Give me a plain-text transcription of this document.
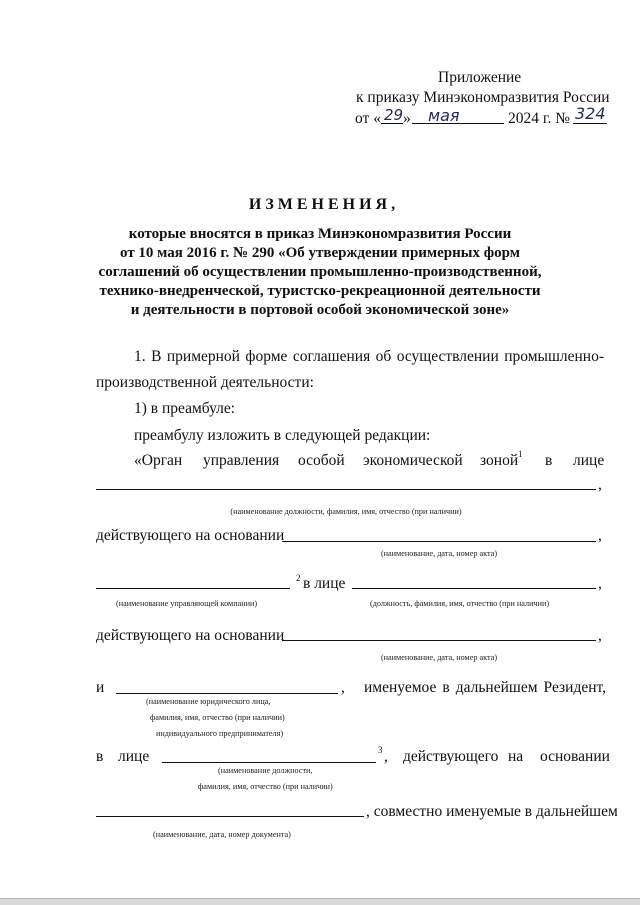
Приложение
к приказу Минэкономразвития России
от « 29 » мая	2024 г. № 324
ИЗМЕНЕНИЯ,
которые вносятся в приказ Минэкономразвития России
от 10 мая 2016 г. № 290 «Об утверждении примерных форм
соглашений об осуществлении промышленно-производственной,
технико-внедренческой, туристско-рекреационной деятельности
и деятельности в портовой особой экономической зоне»
1. В примерной форме соглашения об осуществлении промышленно-
производственной деятельности:
1) в преамбуле:
преамбулу изложить в следующей редакции:
«Орган управления особой экономической зоной 1 в лице
,
(наименование должности, фамилия, имя, отчество (при наличии)
действующего на основании	,
(наименование, дата, номер акта)
2 в лице	,
(наименование управляющей компании)	(должность, фамилия, имя, отчество (при наличии)
действующего на основании	,
(наименование, дата, номер акта)
и	, именуемое в дальнейшем Резидент,
(наименование юридического лица,
фамилия, имя, отчество (при наличии)
индивидуального предпринимателя)
в лице	3 , действующего на основании
(наименование должности,
фамилия, имя, отчество (при наличии)
, совместно именуемые в дальнейшем
(наименование, дата, номер документа)
